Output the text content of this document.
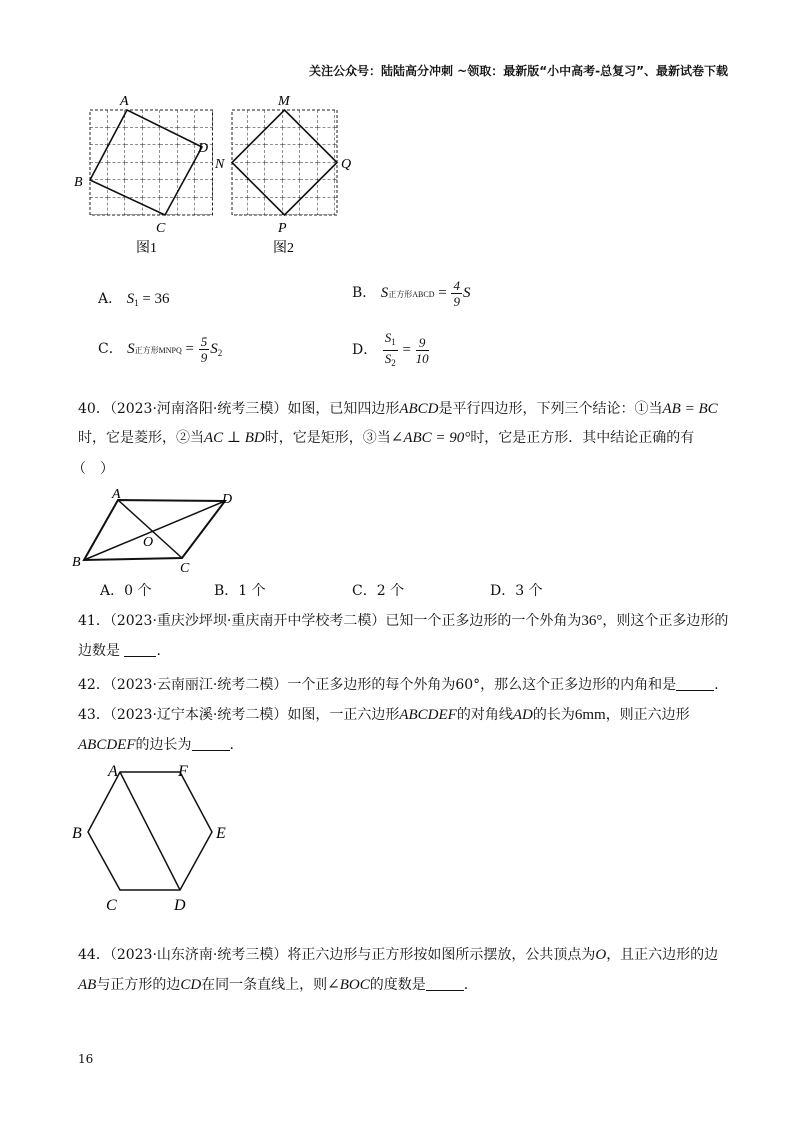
关注公众号：陆陆高分冲刺 ~领取：最新版“小中高考-总复习”、最新试卷下载
A
D
B
C
M
Q
N
P
图1	图2
A． $S_1 = 36$	B． S正方形ABCD = $\frac{4}{9}$ S
C． S正方形MNPQ = $\frac{5}{9} S_2$	D． $\frac{S_1}{S_2} = \frac{9}{10}$
40．（2023·河南洛阳·统考三模）如图，已知四边形ABCD是平行四边形，下列三个结论：①当AB = BC
时，它是菱形，②当AC ⊥ BD时，它是矩形，③当∠ABC = 90°时，它是正方形．其中结论正确的有
（　）
A	D
B	C
O
A．0 个	B．1 个	C．2 个	D．3 个
41．（2023·重庆沙坪坝·重庆南开中学校考二模）已知一个正多边形的一个外角为36°，则这个正多边形的
边数是	.
42．（2023·云南丽江·统考二模）一个正多边形的每个外角为60°，那么这个正多边形的内角和是	.
43．（2023·辽宁本溪·统考二模）如图，一正六边形ABCDEF的对角线AD的长为6mm，则正六边形
ABCDEF的边长为	.
A	F
B	E
C	D
44．（2023·山东济南·统考三模）将正六边形与正方形按如图所示摆放，公共顶点为O，且正六边形的边
AB与正方形的边CD在同一条直线上，则∠BOC的度数是	.
16
